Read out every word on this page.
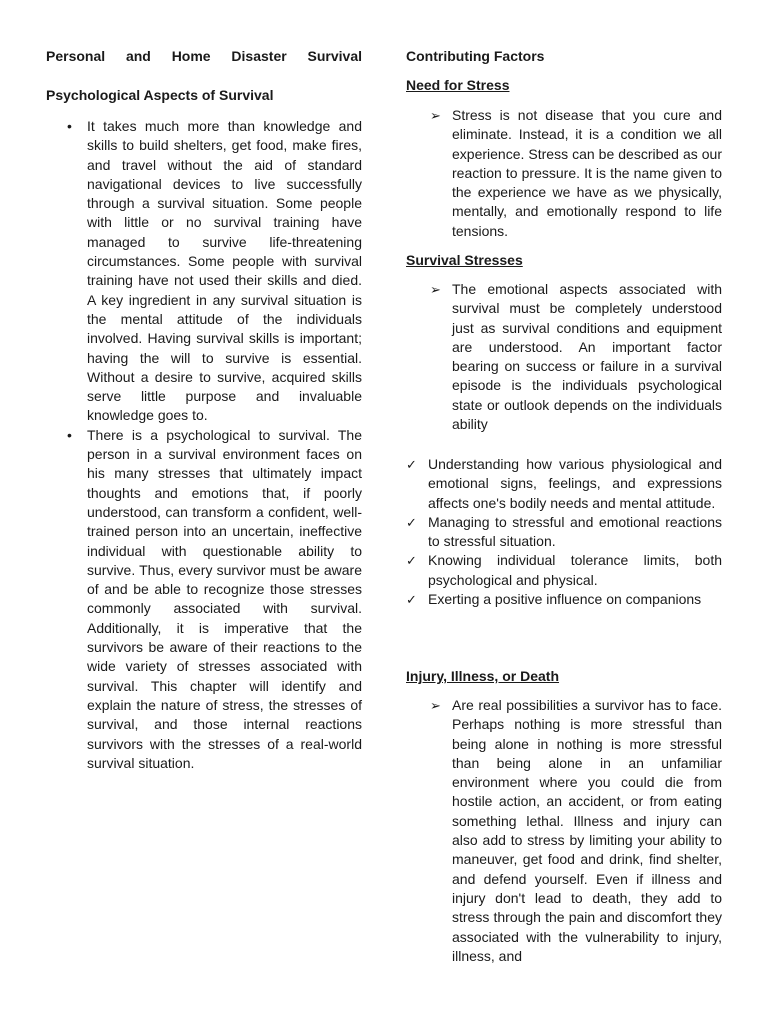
Personal and Home Disaster Survival
Psychological Aspects of Survival
• It takes much more than knowledge and skills to build shelters, get food, make fires, and travel without the aid of standard navigational devices to live successfully through a survival situation. Some people with little or no survival training have managed to survive life-threatening circumstances. Some people with survival training have not used their skills and died. A key ingredient in any survival situation is the mental attitude of the individuals involved. Having survival skills is important; having the will to survive is essential. Without a desire to survive, acquired skills serve little purpose and invaluable knowledge goes to.
• There is a psychological to survival. The person in a survival environment faces on his many stresses that ultimately impact thoughts and emotions that, if poorly understood, can transform a confident, well-trained person into an uncertain, ineffective individual with questionable ability to survive. Thus, every survivor must be aware of and be able to recognize those stresses commonly associated with survival. Additionally, it is imperative that the survivors be aware of their reactions to the wide variety of stresses associated with survival. This chapter will identify and explain the nature of stress, the stresses of survival, and those internal reactions survivors with the stresses of a real-world survival situation.
Contributing Factors
Need for Stress
➢ Stress is not disease that you cure and eliminate. Instead, it is a condition we all experience. Stress can be described as our reaction to pressure. It is the name given to the experience we have as we physically, mentally, and emotionally respond to life tensions.

Survival Stresses
➢ The emotional aspects associated with survival must be completely understood just as survival conditions and equipment are understood. An important factor bearing on success or failure in a survival episode is the individuals psychological state or outlook depends on the individuals ability

✓ Understanding how various physiological and emotional signs, feelings, and expressions affects one's bodily needs and mental attitude.
✓ Managing to stressful and emotional reactions to stressful situation.
✓ Knowing individual tolerance limits, both psychological and physical.
✓ Exerting a positive influence on companions
Injury, Illness, or Death
➢ Are real possibilities a survivor has to face. Perhaps nothing is more stressful than being alone in nothing is more stressful than being alone in an unfamiliar environment where you could die from hostile action, an accident, or from eating something lethal. Illness and injury can also add to stress by limiting your ability to maneuver, get food and drink, find shelter, and defend yourself. Even if illness and injury don't lead to death, they add to stress through the pain and discomfort they associated with the vulnerability to injury, illness, and
